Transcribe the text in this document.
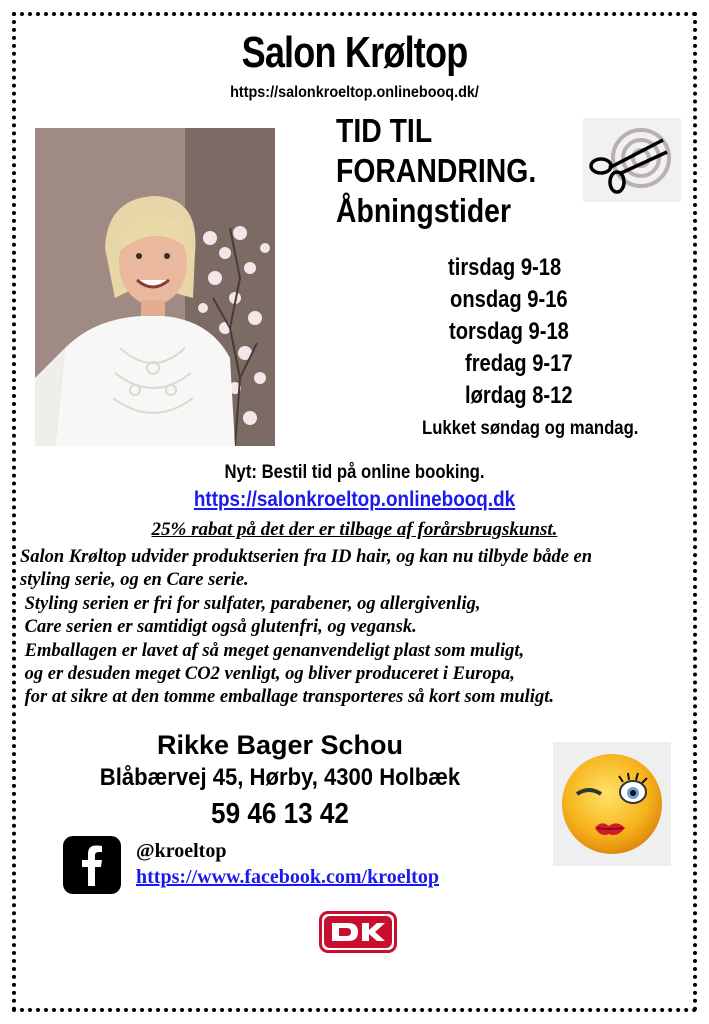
Salon Krøltop
https://salonkroeltop.onlinebooq.dk/
TID TIL
FORANDRING.
Åbningstider
tirsdag 9-18
onsdag 9-16
torsdag 9-18
fredag 9-17
lørdag 8-12
Lukket søndag og mandag.
Nyt: Bestil tid på online booking.
https://salonkroeltop.onlinebooq.dk
25% rabat på det der er tilbage af forårsbrugskunst.
Salon Krøltop udvider produktserien fra ID hair, og kan nu tilbyde både en
styling serie, og en Care serie.
Styling serien er fri for sulfater, parabener, og allergivenlig,
Care serien er samtidigt også glutenfri, og vegansk.
Emballagen er lavet af så meget genanvendeligt plast som muligt,
og er desuden meget CO2 venligt, og bliver produceret i Europa,
for at sikre at den tomme emballage transporteres så kort som muligt.
Rikke Bager Schou
Blåbærvej 45, Hørby, 4300 Holbæk
59 46 13 42
@kroeltop
https://www.facebook.com/kroeltop
